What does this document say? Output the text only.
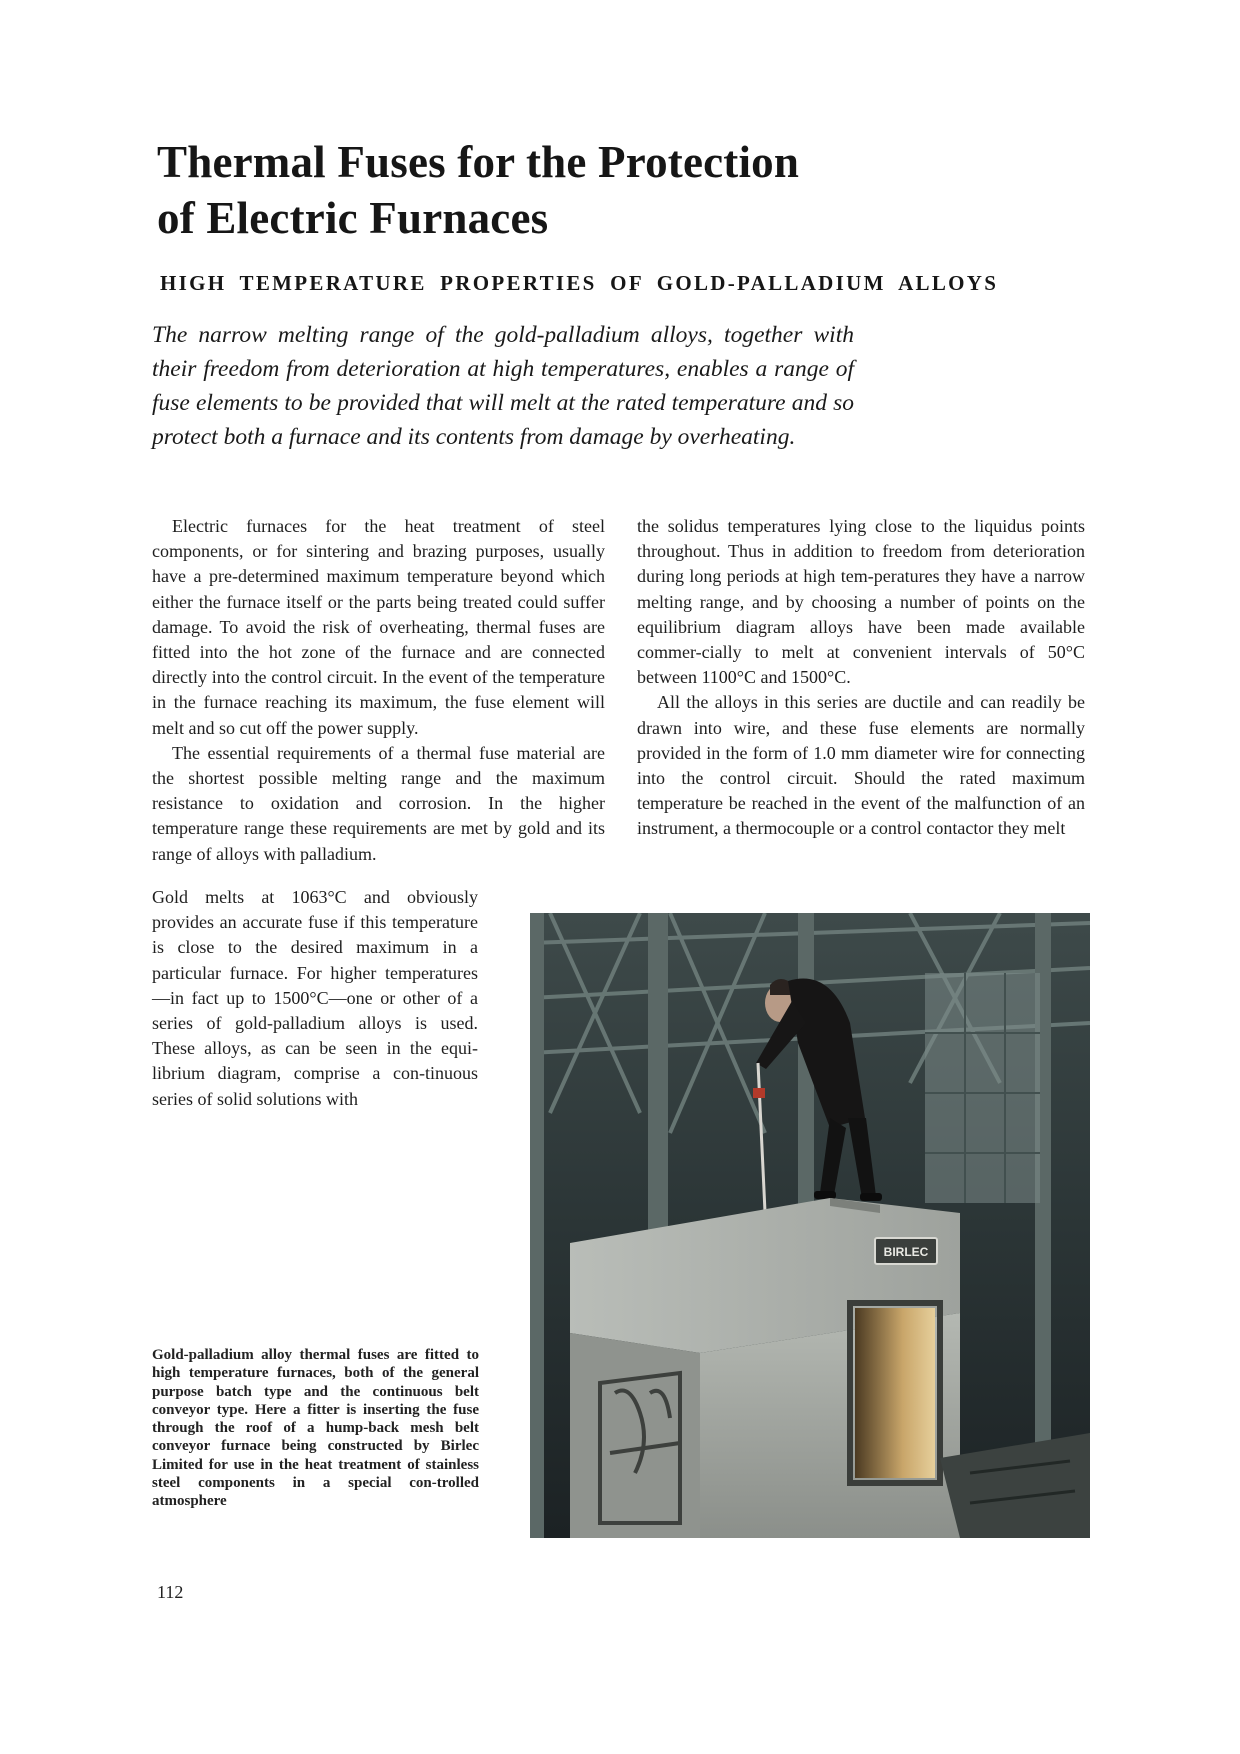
Thermal Fuses for the Protection
of Electric Furnaces
HIGH TEMPERATURE PROPERTIES OF GOLD-PALLADIUM ALLOYS

The narrow melting range of the gold-palladium alloys, together with their freedom from deterioration at high temperatures, enables a range of fuse elements to be provided that will melt at the rated temperature and so protect both a furnace and its contents from damage by overheating.

Electric furnaces for the heat treatment of steel components, or for sintering and brazing purposes, usually have a pre-determined maximum temperature beyond which either the furnace itself or the parts being treated could suffer damage. To avoid the risk of overheating, thermal fuses are fitted into the hot zone of the furnace and are connected directly into the control circuit. In the event of the temperature in the furnace reaching its maximum, the fuse element will melt and so cut off the power supply.

The essential requirements of a thermal fuse material are the shortest possible melting range and the maximum resistance to oxidation and corrosion. In the higher temperature range these requirements are met by gold and its range of alloys with palladium.

Gold melts at 1063°C and obviously provides an accurate fuse if this temperature is close to the desired maximum in a particular furnace. For higher temperatures—in fact up to 1500°C—one or other of a series of gold-palladium alloys is used. These alloys, as can be seen in the equi-librium diagram, comprise a con-tinuous series of solid solutions with

the solidus temperatures lying close to the liquidus points throughout. Thus in addition to freedom from deterioration during long periods at high tem-peratures they have a narrow melting range, and by choosing a number of points on the equilibrium diagram alloys have been made available commer-cially to melt at convenient intervals of 50°C between 1100°C and 1500°C.

All the alloys in this series are ductile and can readily be drawn into wire, and these fuse elements are normally provided in the form of 1.0 mm diameter wire for connecting into the control circuit. Should the rated maximum temperature be reached in the event of the malfunction of an instrument, a thermocouple or a control contactor they melt

BIRLEC

Gold-palladium alloy thermal fuses are fitted to high temperature furnaces, both of the general purpose batch type and the continuous belt conveyor type. Here a fitter is inserting the fuse through the roof of a hump-back mesh belt conveyor furnace being constructed by Birlec Limited for use in the heat treatment of stainless steel components in a special con-trolled atmosphere

112
